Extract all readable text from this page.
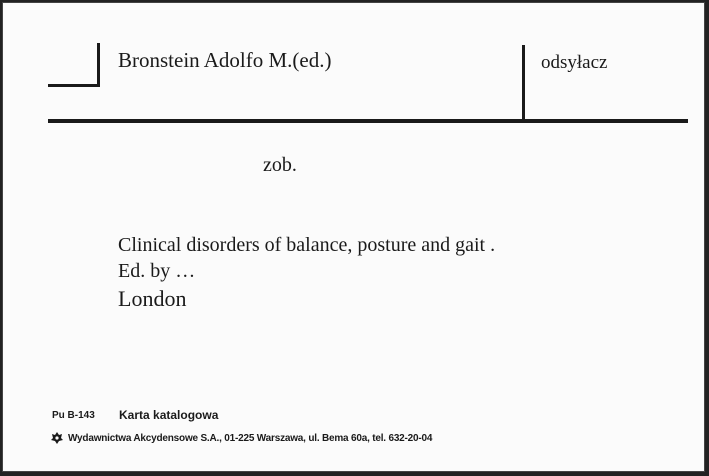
Bronstein Adolfo M.(ed.)	odsyłacz
zob.
Clinical disorders of balance, posture and gait .
Ed. by …
London
Pu B-143 Karta katalogowa
Wydawnictwa Akcydensowe S.A., 01-225 Warszawa, ul. Bema 60a, tel. 632-20-04
